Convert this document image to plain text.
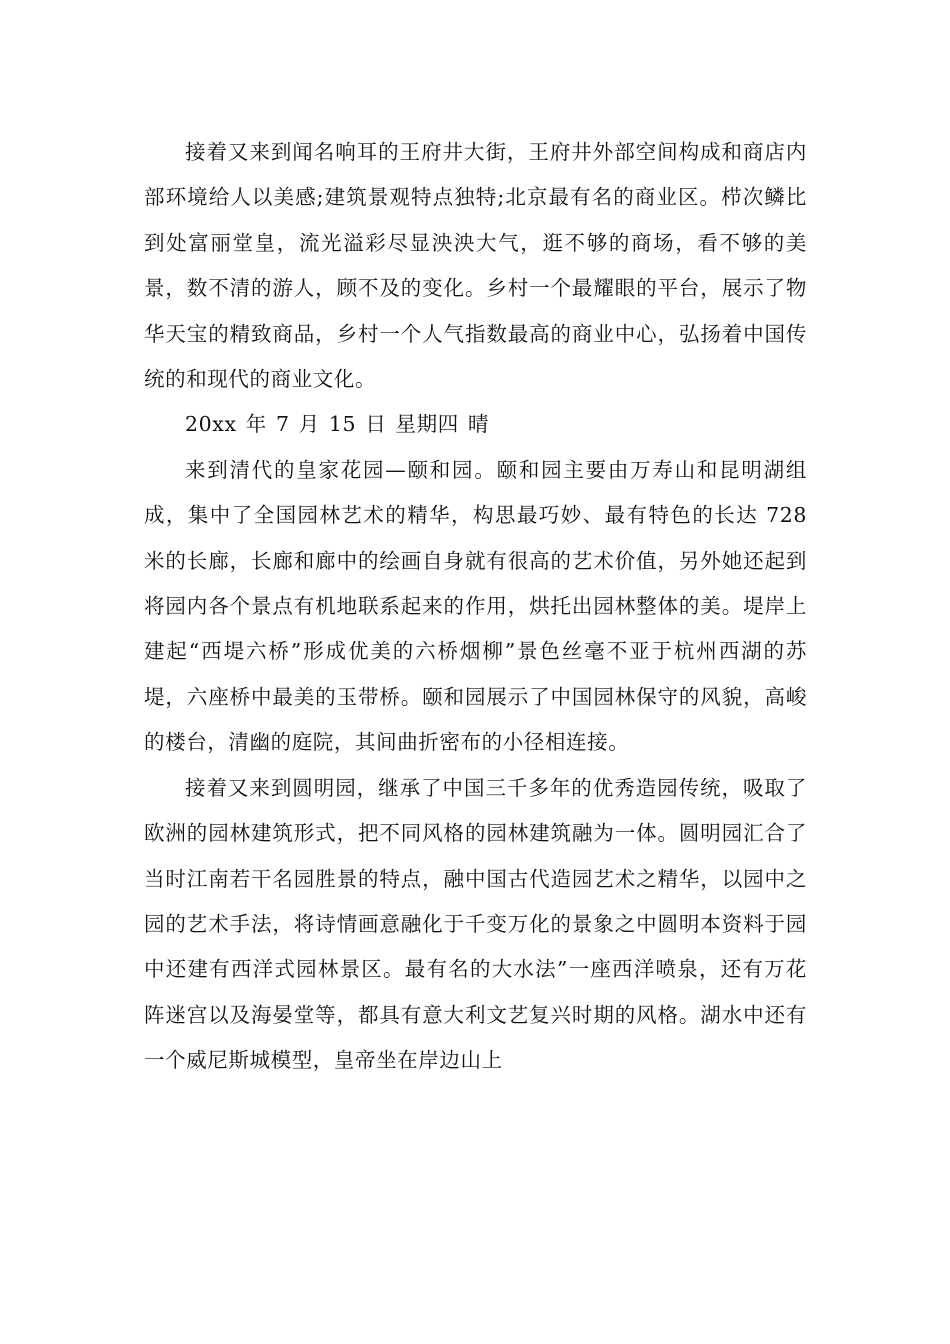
接着又来到闻名响耳的王府井大街，王府井外部空间构成和商店内部环境给人以美感;建筑景观特点独特;北京最有名的商业区。栉次鳞比到处富丽堂皇，流光溢彩尽显泱泱大气，逛不够的商场，看不够的美景，数不清的游人，顾不及的变化。乡村一个最耀眼的平台，展示了物华天宝的精致商品，乡村一个人气指数最高的商业中心，弘扬着中国传统的和现代的商业文化。

20xx 年 7 月 15 日 星期四 晴

来到清代的皇家花园—颐和园。颐和园主要由万寿山和昆明湖组成，集中了全国园林艺术的精华，构思最巧妙、最有特色的长达 728 米的长廊，长廊和廊中的绘画自身就有很高的艺术价值，另外她还起到将园内各个景点有机地联系起来的作用，烘托出园林整体的美。堤岸上建起“西堤六桥”形成优美的六桥烟柳”景色丝毫不亚于杭州西湖的苏堤，六座桥中最美的玉带桥。颐和园展示了中国园林保守的风貌，高峻的楼台，清幽的庭院，其间曲折密布的小径相连接。

接着又来到圆明园，继承了中国三千多年的优秀造园传统，吸取了欧洲的园林建筑形式，把不同风格的园林建筑融为一体。圆明园汇合了当时江南若干名园胜景的特点，融中国古代造园艺术之精华，以园中之园的艺术手法，将诗情画意融化于千变万化的景象之中圆明本资料于园中还建有西洋式园林景区。最有名的大水法”一座西洋喷泉，还有万花阵迷宫以及海晏堂等，都具有意大利文艺复兴时期的风格。湖水中还有一个威尼斯城模型，皇帝坐在岸边山上
